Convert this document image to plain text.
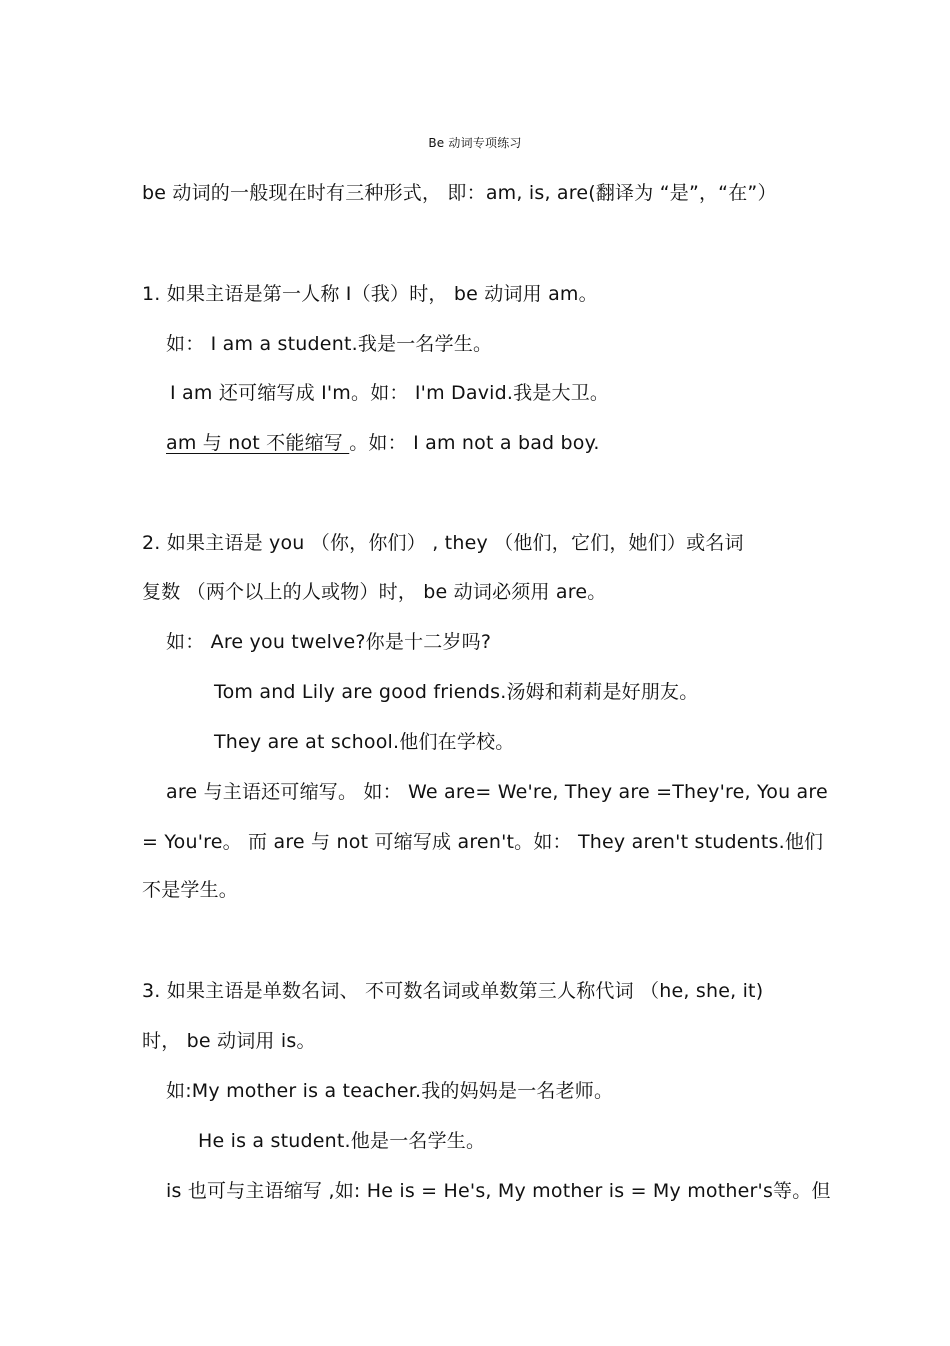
Be 动词专项练习
be 动词的一般现在时有三种形式， 即：am, is, are(翻译为 “是”，“在”）
1. 如果主语是第一人称 I（我）时， be 动词用 am。
如： I am a student.我是一名学生。
I am 还可缩写成 I'm。如： I'm David.我是大卫。
am 与 not 不能缩写 。如： I am not a bad boy.
2. 如果主语是 you （你，你们） , they （他们，它们，她们）或名词
复数 （两个以上的人或物）时， be 动词必须用 are。
如： Are you twelve?你是十二岁吗?
Tom and Lily are good friends.汤姆和莉莉是好朋友。
They are at school.他们在学校。
are 与主语还可缩写。 如： We are= We're, They are =They're, You are
= You're。 而 are 与 not 可缩写成 aren't。如： They aren't students.他们
不是学生。
3. 如果主语是单数名词、 不可数名词或单数第三人称代词 （he, she, it)
时， be 动词用 is。
如:My mother is a teacher.我的妈妈是一名老师。
He is a student.他是一名学生。
is 也可与主语缩写 ,如: He is = He's, My mother is = My mother's等。但
